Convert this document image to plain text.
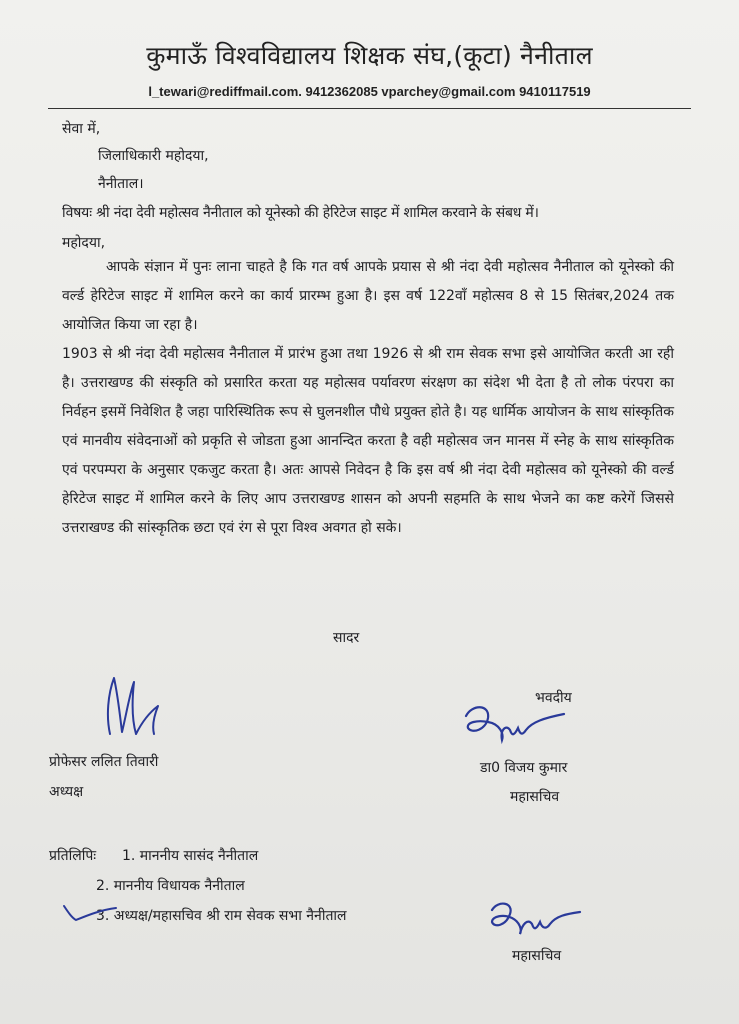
कुमाऊँ विश्वविद्यालय शिक्षक संघ,(कूटा) नैनीताल
l_tewari@rediffmail.com. 9412362085 vparchey@gmail.com 9410117519
सेवा में,
जिलाधिकारी महोदया,
नैनीताल।
विषयः श्री नंदा देवी महोत्सव नैनीताल को यूनेस्को की हेरिटेज साइट में शामिल करवाने के संबध में।
महोदया,

आपके संज्ञान में पुनः लाना चाहते है कि गत वर्ष आपके प्रयास से श्री नंदा देवी महोत्सव नैनीताल को यूनेस्को की वर्ल्ड हेरिटेज साइट में शामिल करने का कार्य प्रारम्भ हुआ है। इस वर्ष 122वॉं महोत्सव 8 से 15 सितंबर,2024 तक आयोजित किया जा रहा है।

1903 से श्री नंदा देवी महोत्सव नैनीताल में प्रारंभ हुआ तथा 1926 से श्री राम सेवक सभा इसे आयोजित करती आ रही है। उत्तराखण्ड की संस्कृति को प्रसारित करता यह महोत्सव पर्यावरण संरक्षण का संदेश भी देता है तो लोक पंरपरा का निर्वहन इसमें निवेशित है जहा पारिस्थितिक रूप से घुलनशील पौधे प्रयुक्त होते है। यह धार्मिक आयोजन के साथ सांस्कृतिक एवं मानवीय संवेदनाओं को प्रकृति से जोडता हुआ आनन्दित करता है वही महोत्सव जन मानस में स्नेह के साथ सांस्कृतिक एवं परपम्परा के अनुसार एकजुट करता है। अतः आपसे निवेदन है कि इस वर्ष श्री नंदा देवी महोत्सव को यूनेस्को की वर्ल्ड हेरिटेज साइट में शामिल करने के लिए आप उत्तराखण्ड शासन को अपनी सहमति के साथ भेजने का कष्ट करेगें जिससे उत्तराखण्ड की सांस्कृतिक छटा एवं रंग से पूरा विश्व अवगत हो सके।

सादर
प्रोफेसर ललित तिवारी
अध्यक्ष
भवदीय
डा0 विजय कुमार
महासचिव
प्रतिलिपिः 1. माननीय सासंद नैनीताल
2. माननीय विधायक नैनीताल
3. अध्यक्ष/महासचिव श्री राम सेवक सभा नैनीताल
महासचिव
